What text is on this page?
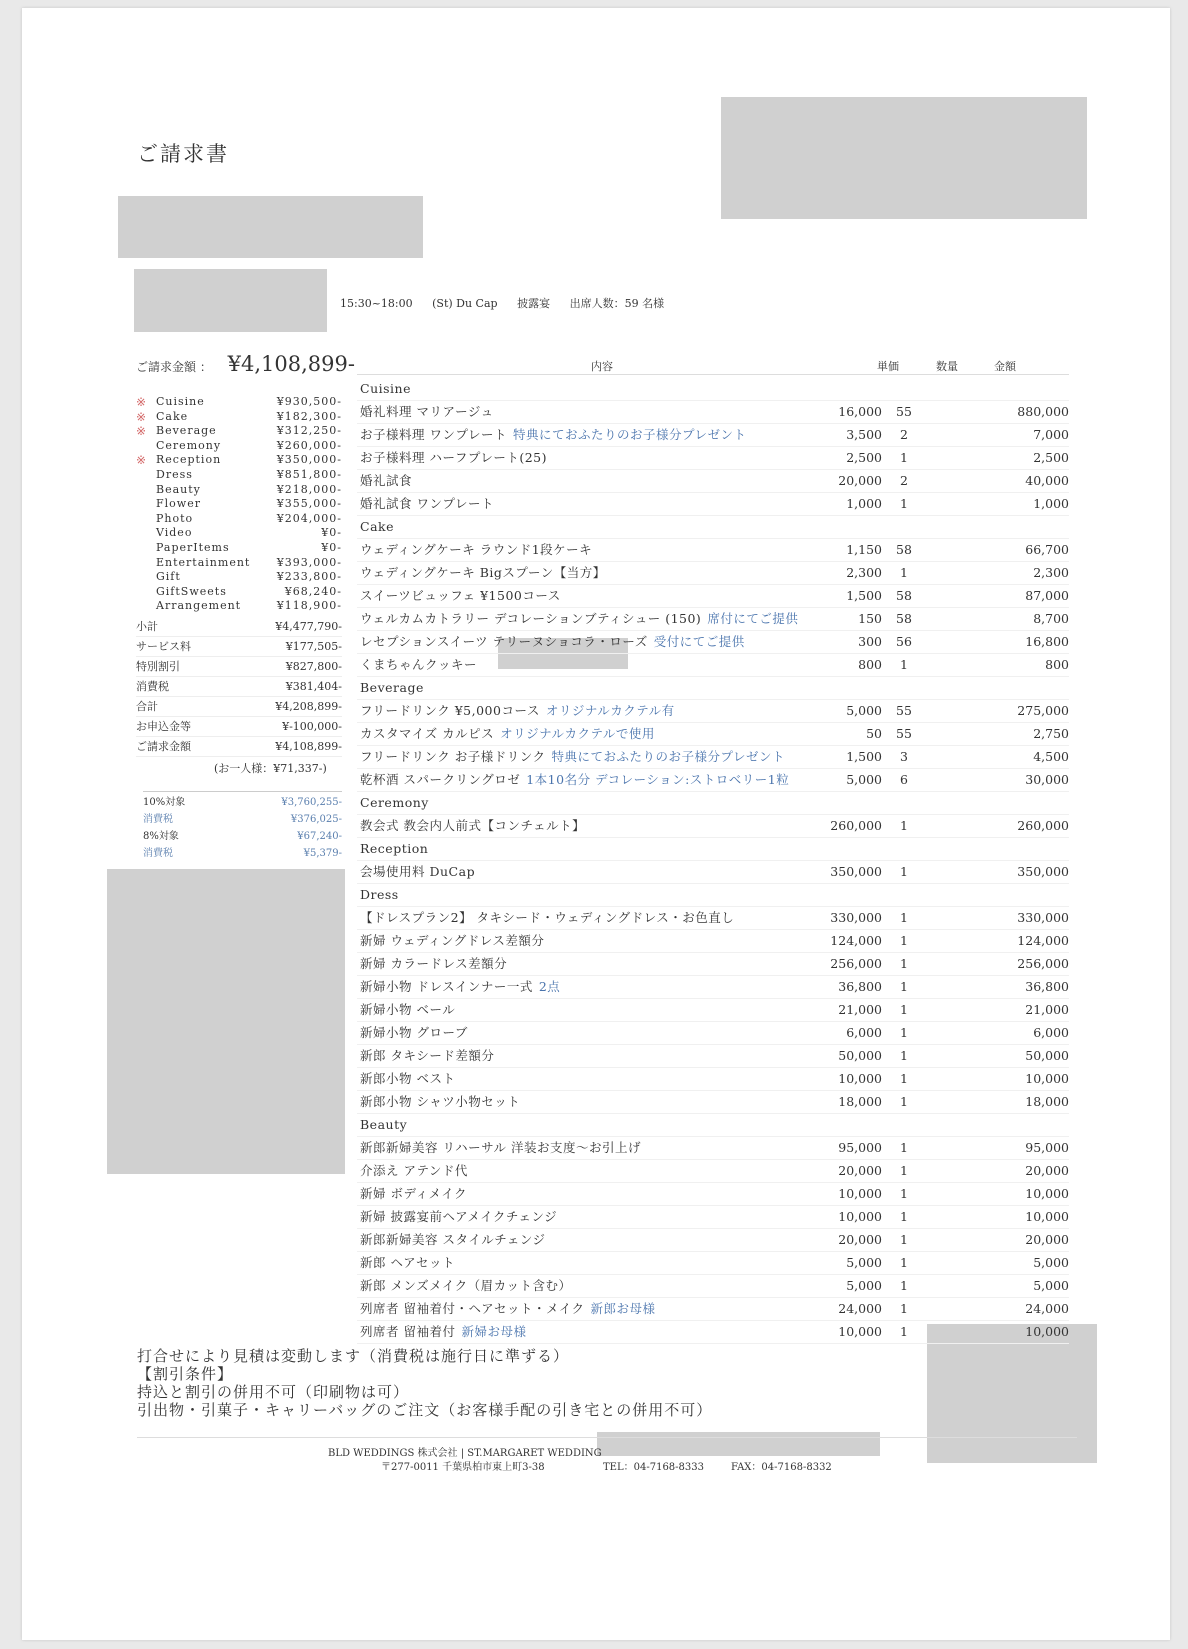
ご請求書
15:30~18:00 (St) Du Cap 披露宴 出席人数：59 名様
ご請求金額 ： ¥4,108,899-
※ Cuisine	¥930,500-
※ Cake	¥182,300-
※ Beverage	¥312,250-
Ceremony	¥260,000-
※ Reception	¥350,000-
Dress	¥851,800-
Beauty	¥218,000-
Flower	¥355,000-
Photo	¥204,000-
Video	¥0-
PaperItems	¥0-
Entertainment	¥393,000-
Gift	¥233,800-
GiftSweets	¥68,240-
Arrangement	¥118,900-
小計	¥4,477,790-
サービス料	¥177,505-
特別割引	¥827,800-
消費税	¥381,404-
合計	¥4,208,899-
お申込金等	¥-100,000-
ご請求金額	¥4,108,899-
(お一人様：¥71,337-)
10%対象	¥3,760,255-
消費税	¥376,025-
8%対象	¥67,240-
消費税	¥5,379-
内容	単価	数量	金額
Cuisine
婚礼料理 マリアージュ	16,000	55	880,000
お子様料理 ワンプレート 特典にておふたりのお子様分プレゼント	3,500	2	7,000
お子様料理 ハーフプレート(25)	2,500	1	2,500
婚礼試食	20,000	2	40,000
婚礼試食 ワンプレート	1,000	1	1,000
Cake
ウェディングケーキ ラウンド1段ケーキ	1,150	58	66,700
ウェディングケーキ Bigスプーン【当方】	2,300	1	2,300
スイーツビュッフェ ¥1500コース	1,500	58	87,000
ウェルカムカトラリー デコレーションブティシュー (150) 席付にてご提供	150	58	8,700
レセプションスイーツ テリーヌショコラ・ローズ 受付にてご提供	300	56	16,800
くまちゃんクッキー	800	1	800
Beverage
フリードリンク ¥5,000コース オリジナルカクテル有	5,000	55	275,000
カスタマイズ カルピス オリジナルカクテルで使用	50	55	2,750
フリードリンク お子様ドリンク 特典にておふたりのお子様分プレゼント	1,500	3	4,500
乾杯酒 スパークリングロゼ 1本10名分 デコレーション:ストロベリー1粒	5,000	6	30,000
Ceremony
教会式 教会内人前式【コンチェルト】	260,000	1	260,000
Reception
会場使用料 DuCap	350,000	1	350,000
Dress
【ドレスプラン2】 タキシード・ウェディングドレス・お色直し	330,000	1	330,000
新婦 ウェディングドレス差額分	124,000	1	124,000
新婦 カラードレス差額分	256,000	1	256,000
新婦小物 ドレスインナー一式 2点	36,800	1	36,800
新婦小物 ベール	21,000	1	21,000
新婦小物 グローブ	6,000	1	6,000
新郎 タキシード差額分	50,000	1	50,000
新郎小物 ベスト	10,000	1	10,000
新郎小物 シャツ小物セット	18,000	1	18,000
Beauty
新郎新婦美容 リハーサル 洋装お支度～お引上げ	95,000	1	95,000
介添え アテンド代	20,000	1	20,000
新婦 ボディメイク	10,000	1	10,000
新婦 披露宴前ヘアメイクチェンジ	10,000	1	10,000
新郎新婦美容 スタイルチェンジ	20,000	1	20,000
新郎 ヘアセット	5,000	1	5,000
新郎 メンズメイク（眉カット含む）	5,000	1	5,000
列席者 留袖着付・ヘアセット・メイク 新郎お母様	24,000	1	24,000
列席者 留袖着付 新婦お母様	10,000	1	10,000
打合せにより見積は変動します（消費税は施行日に準ずる）
【割引条件】
持込と割引の併用不可（印刷物は可）
引出物・引菓子・キャリーバッグのご注文（お客様手配の引き宅との併用不可）
BLD WEDDINGS 株式会社 | ST.MARGARET WEDDING
〒277-0011 千葉県柏市東上町3-38	TEL：04-7168-8333	FAX：04-7168-8332
